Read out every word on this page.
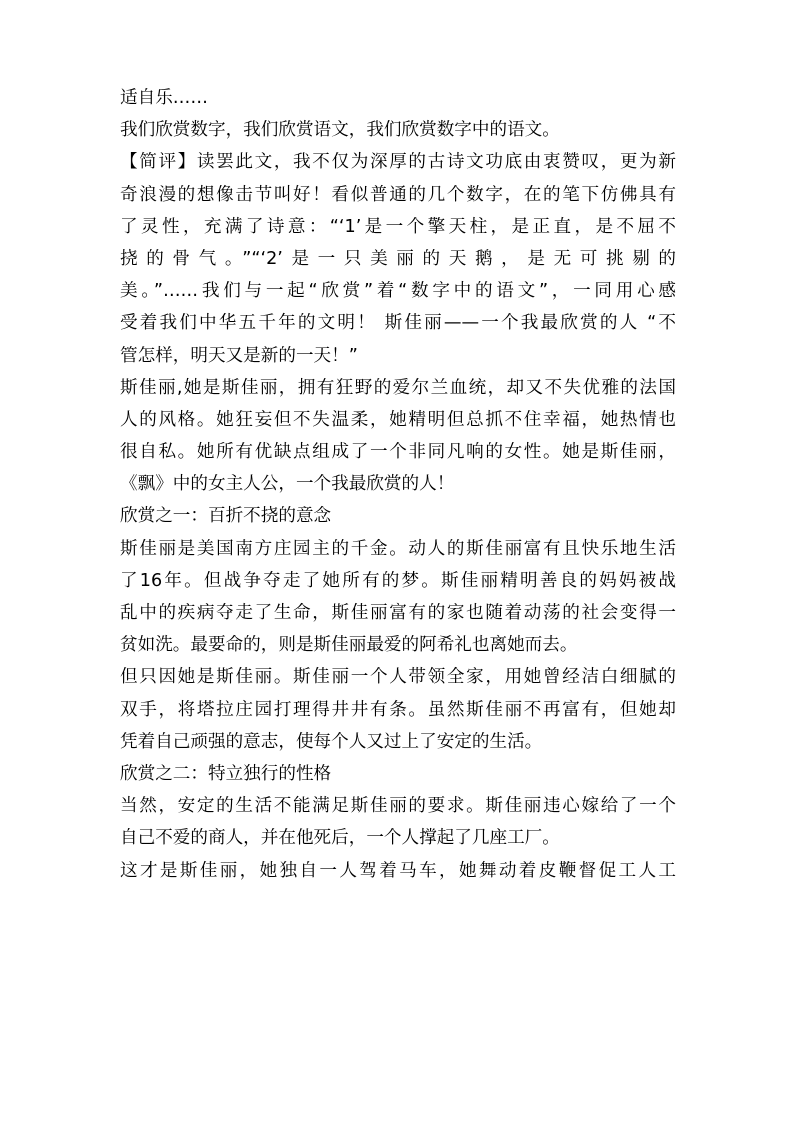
适自乐……
我们欣赏数字，我们欣赏语文，我们欣赏数字中的语文。
【简评】读罢此文，我不仅为深厚的古诗文功底由衷赞叹，更为新
奇浪漫的想像击节叫好！看似普通的几个数字，在的笔下仿佛具有
了灵性，充满了诗意：“‘1’是一个擎天柱，是正直，是不屈不
挠的骨气。”“‘2’是一只美丽的天鹅，是无可挑剔的
美。”……我们与一起“欣赏”着“数字中的语文”，一同用心感
受着我们中华五千年的文明！ 斯佳丽——一个我最欣赏的人 “不
管怎样，明天又是新的一天！”
斯佳丽,她是斯佳丽，拥有狂野的爱尔兰血统，却又不失优雅的法国
人的风格。她狂妄但不失温柔，她精明但总抓不住幸福，她热情也
很自私。她所有优缺点组成了一个非同凡响的女性。她是斯佳丽，
《飘》中的女主人公，一个我最欣赏的人！
欣赏之一：百折不挠的意念
斯佳丽是美国南方庄园主的千金。动人的斯佳丽富有且快乐地生活
了16年。但战争夺走了她所有的梦。斯佳丽精明善良的妈妈被战
乱中的疾病夺走了生命，斯佳丽富有的家也随着动荡的社会变得一
贫如洗。最要命的，则是斯佳丽最爱的阿希礼也离她而去。
但只因她是斯佳丽。斯佳丽一个人带领全家，用她曾经洁白细腻的
双手，将塔拉庄园打理得井井有条。虽然斯佳丽不再富有，但她却
凭着自己顽强的意志，使每个人又过上了安定的生活。
欣赏之二：特立独行的性格
当然，安定的生活不能满足斯佳丽的要求。斯佳丽违心嫁给了一个
自己不爱的商人，并在他死后，一个人撑起了几座工厂。
这才是斯佳丽，她独自一人驾着马车，她舞动着皮鞭督促工人工
